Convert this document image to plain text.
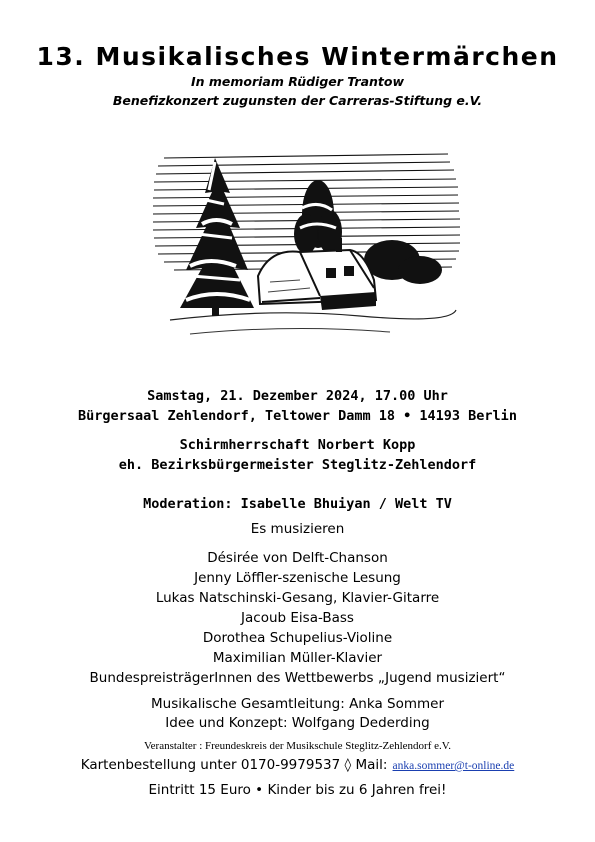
13. Musikalisches Wintermärchen
In memoriam Rüdiger Trantow
Benefizkonzert zugunsten der Carreras-Stiftung e.V.
Samstag, 21. Dezember 2024, 17.00 Uhr
Bürgersaal Zehlendorf, Teltower Damm 18 • 14193 Berlin
Schirmherrschaft Norbert Kopp
eh. Bezirksbürgermeister Steglitz-Zehlendorf
Moderation: Isabelle Bhuiyan / Welt TV
Es musizieren
Désirée von Delft-Chanson
Jenny Löffler-szenische Lesung
Lukas Natschinski-Gesang, Klavier-Gitarre
Jacoub Eisa-Bass
Dorothea Schupelius-Violine
Maximilian Müller-Klavier
BundespreisträgerInnen des Wettbewerbs „Jugend musiziert“
Musikalische Gesamtleitung: Anka Sommer
Idee und Konzept: Wolfgang Dederding
Veranstalter : Freundeskreis der Musikschule Steglitz-Zehlendorf e.V.
Kartenbestellung unter 0170-9979537 ◊ Mail: anka.sommer@t-online.de
Eintritt 15 Euro • Kinder bis zu 6 Jahren frei!
